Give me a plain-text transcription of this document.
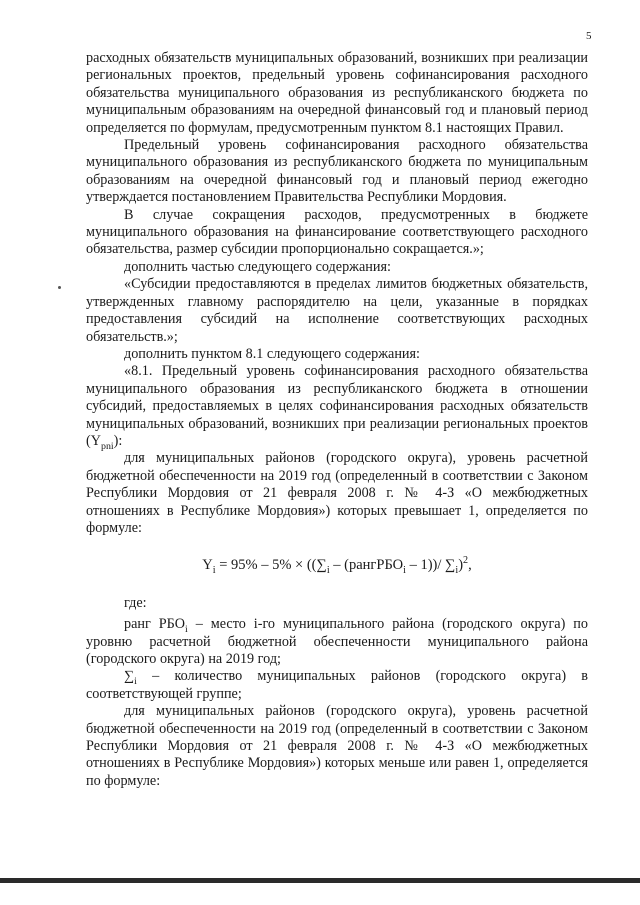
5

расходных обязательств муниципальных образований, возникших при реализации региональных проектов, предельный уровень софинансирования расходного обязательства муниципального образования из республиканского бюджета по муниципальным образованиям на очередной финансовый год и плановый период определяется по формулам, предусмотренным пунктом 8.1 настоящих Правил.

Предельный уровень софинансирования расходного обязательства муниципального образования из республиканского бюджета по муниципальным образованиям на очередной финансовый год и плановый период ежегодно утверждается постановлением Правительства Республики Мордовия.

В случае сокращения расходов, предусмотренных в бюджете муниципального образования на финансирование соответствующего расходного обязательства, размер субсидии пропорционально сокращается.»;

дополнить частью следующего содержания:

«Субсидии предоставляются в пределах лимитов бюджетных обязательств, утвержденных главному распорядителю на цели, указанные в порядках предоставления субсидий на исполнение соответствующих расходных обязательств.»;

дополнить пунктом 8.1 следующего содержания:

«8.1. Предельный уровень софинансирования расходного обязательства муниципального образования из республиканского бюджета в отношении субсидий, предоставляемых в целях софинансирования расходных обязательств муниципальных образований, возникших при реализации региональных проектов $(Y_{pni})$:

для муниципальных районов (городского округа), уровень расчетной бюджетной обеспеченности на 2019 год (определенный в соответствии с Законом Республики Мордовия от 21 февраля 2008 г. № 4-З «О межбюджетных отношениях в Республике Мордовия») которых превышает 1, определяется по формуле:

$Y_i = 95\% - 5\% \times ((\sum_i$ – (рангРБО$_i$ – 1))/ $\sum_i)^2$,

где:

ранг $РБО_i$ – место i-го муниципального района (городского округа) по уровню расчетной бюджетной обеспеченности муниципального района (городского округа) на 2019 год;

$\sum_i$ – количество муниципальных районов (городского округа) в соответствующей группе;

для муниципальных районов (городского округа), уровень расчетной бюджетной обеспеченности на 2019 год (определенный в соответствии с Законом Республики Мордовия от 21 февраля 2008 г. № 4-З «О межбюджетных отношениях в Республике Мордовия») которых меньше или равен 1, определяется по формуле:
